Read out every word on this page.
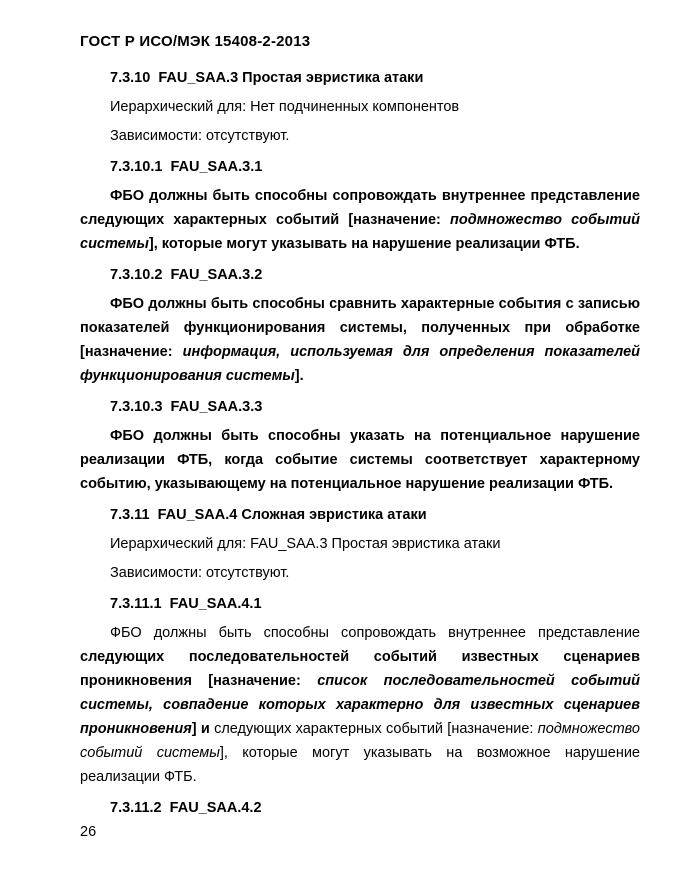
ГОСТ Р ИСО/МЭК 15408-2-2013

7.3.10  FAU_SAA.3 Простая эвристика атаки

Иерархический для: Нет подчиненных компонентов

Зависимости: отсутствуют.

7.3.10.1  FAU_SAA.3.1

ФБО должны быть способны сопровождать внутреннее представление следующих характерных событий [назначение: подмножество событий системы], которые могут указывать на нарушение реализации ФТБ.

7.3.10.2  FAU_SAA.3.2

ФБО должны быть способны сравнить характерные события с записью показателей функционирования системы, полученных при обработке [назначение: информация, используемая для определения показателей функционирования системы].

7.3.10.3  FAU_SAA.3.3

ФБО должны быть способны указать на потенциальное нарушение реализации ФТБ, когда событие системы соответствует характерному событию, указывающему на потенциальное нарушение реализации ФТБ.

7.3.11  FAU_SAA.4 Сложная эвристика атаки

Иерархический для: FAU_SAA.3 Простая эвристика атаки

Зависимости: отсутствуют.

7.3.11.1  FAU_SAA.4.1

ФБО должны быть способны сопровождать внутреннее представление следующих последовательностей событий известных сценариев проникновения [назначение: список последовательностей событий системы, совпадение которых характерно для известных сценариев проникновения] и следующих характерных событий [назначение: подмножество событий системы], которые могут указывать на возможное нарушение реализации ФТБ.

7.3.11.2  FAU_SAA.4.2

26
